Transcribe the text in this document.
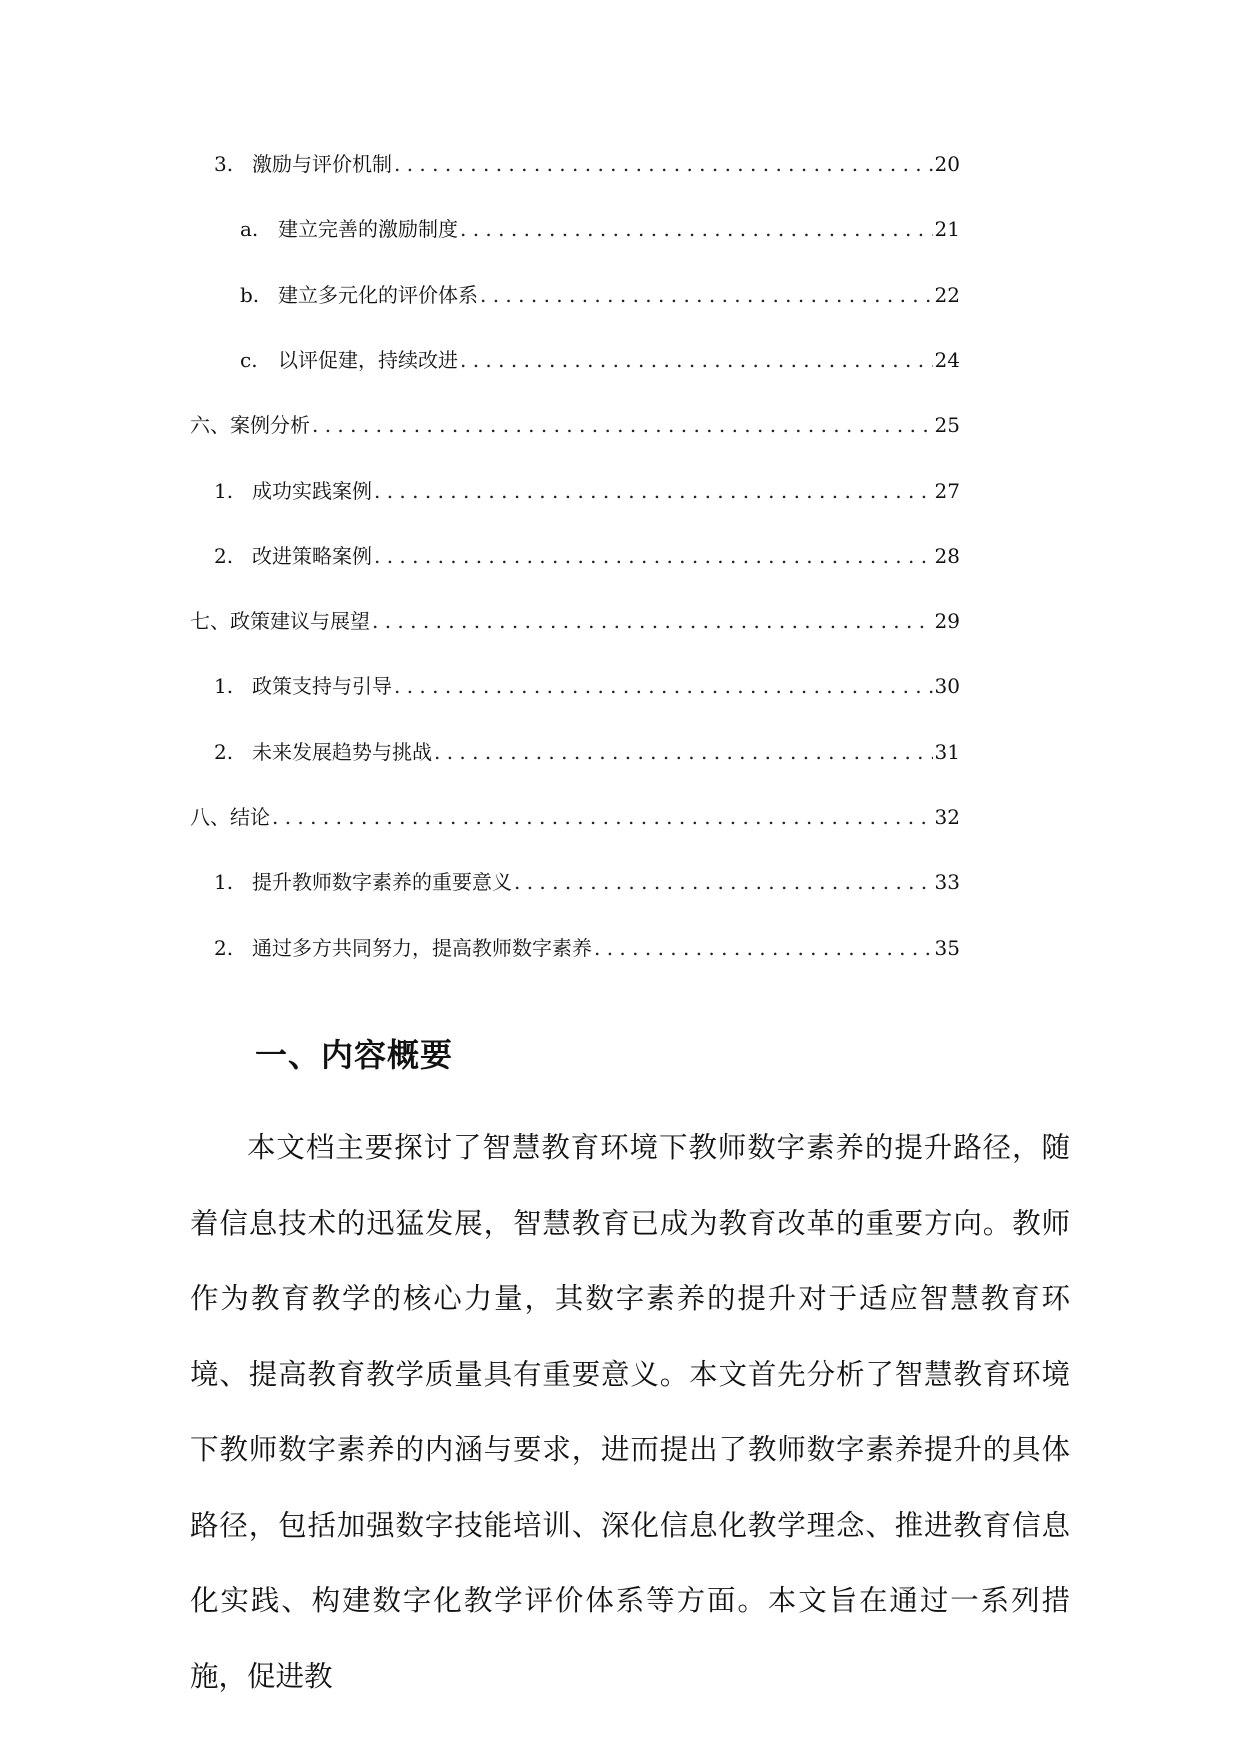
3. 激励与评价机制 . . .	20
a. 建立完善的激励制度 . . .	21
b. 建立多元化的评价体系 . . .	22
c.	以评促建，持续改进 . . .	24
六、案例分析 . . .	25
1. 成功实践案例 . . .	27
2. 改进策略案例 . . .	28
七、政策建议与展望 . . .	29
1. 政策支持与引导 . . .	30
2. 未来发展趋势与挑战 . . .	31
八、结论 . . .	32
1. 提升教师数字素养的重要意义 . . .	33
2. 通过多方共同努力，提高教师数字素养 . . .	35
一、内容概要

本文档主要探讨了智慧教育环境下教师数字素养的提升路径，随着信息技术的迅猛发展，智慧教育已成为教育改革的重要方向。教师作为教育教学的核心力量，其数字素养的提升对于适应智慧教育环境、提高教育教学质量具有重要意义。本文首先分析了智慧教育环境下教师数字素养的内涵与要求，进而提出了教师数字素养提升的具体路径，包括加强数字技能培训、深化信息化教学理念、推进教育信息化实践、构建数字化教学评价体系等方面。本文旨在通过一系列措施，促进教
